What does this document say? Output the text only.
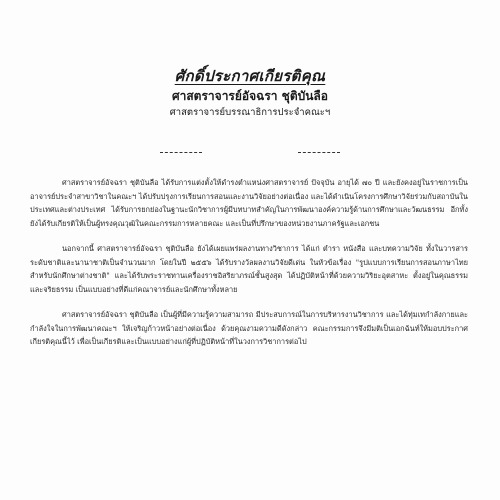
ศักดิ์ประกาศเกียรติคุณ

ศาสตราจารย์อัจฉรา ชุติบันลือ

ศาสตราจารย์บรรณาธิการประจำคณะฯ

ศาสตราจารย์อัจฉรา ชุติบันลือ ได้รับการแต่งตั้งให้ดำรงตำแหน่งศาสตราจารย์ ปัจจุบัน อายุได้ ๗๐ ปี และยังคงอยู่ในราชการเป็นอาจารย์ประจำสาขาวิชาในคณะฯ ได้ปรับปรุงการเรียนการสอนและงานวิจัยอย่างต่อเนื่อง และได้ดำเนินโครงการศึกษาวิจัยร่วมกับสถาบันในประเทศและต่างประเทศ ได้รับการยกย่องในฐานะนักวิชาการผู้มีบทบาทสำคัญในการพัฒนาองค์ความรู้ด้านการศึกษาและวัฒนธรรม อีกทั้งยังได้รับเกียรติให้เป็นผู้ทรงคุณวุฒิในคณะกรรมการหลายคณะ และเป็นที่ปรึกษาของหน่วยงานภาครัฐและเอกชน

นอกจากนี้ ศาสตราจารย์อัจฉรา ชุติบันลือ ยังได้เผยแพร่ผลงานทางวิชาการ ได้แก่ ตำรา หนังสือ และบทความวิจัย ทั้งในวารสารระดับชาติและนานาชาติเป็นจำนวนมาก โดยในปี ๒๕๕๖ ได้รับรางวัลผลงานวิจัยดีเด่น ในหัวข้อเรื่อง "รูปแบบการเรียนการสอนภาษาไทยสำหรับนักศึกษาต่างชาติ" และได้รับพระราชทานเครื่องราชอิสริยาภรณ์ชั้นสูงสุด ได้ปฏิบัติหน้าที่ด้วยความวิริยะอุตสาหะ ตั้งอยู่ในคุณธรรมและจริยธรรม เป็นแบบอย่างที่ดีแก่คณาจารย์และนักศึกษาทั้งหลาย

ศาสตราจารย์อัจฉรา ชุติบันลือ เป็นผู้ที่มีความรู้ความสามารถ มีประสบการณ์ในการบริหารงานวิชาการ และได้ทุ่มเทกำลังกายและกำลังใจในการพัฒนาคณะฯ ให้เจริญก้าวหน้าอย่างต่อเนื่อง ด้วยคุณงามความดีดังกล่าว คณะกรรมการจึงมีมติเป็นเอกฉันท์ให้มอบประกาศเกียรติคุณนี้ไว้ เพื่อเป็นเกียรติและเป็นแบบอย่างแก่ผู้ที่ปฏิบัติหน้าที่ในวงการวิชาการต่อไป
